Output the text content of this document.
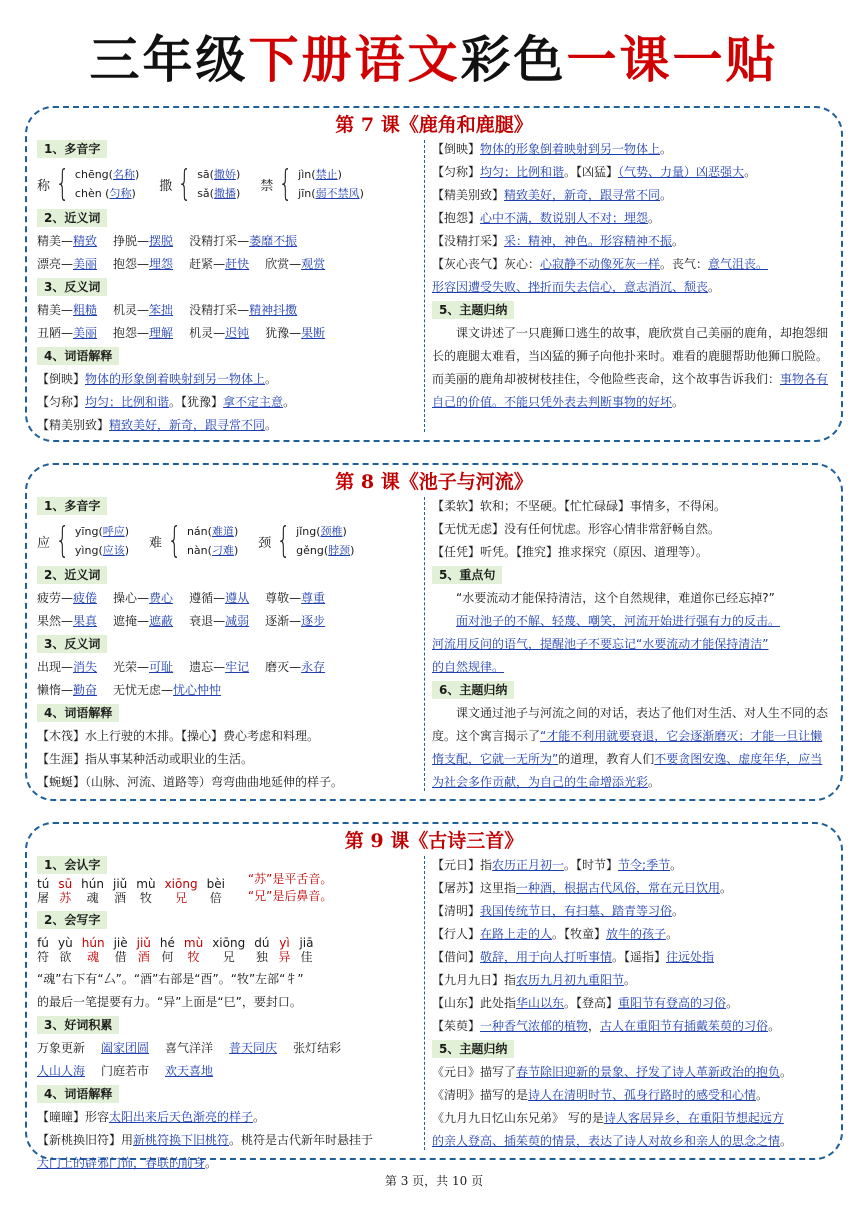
三年级下册语文彩色一课一贴
第 7 课《鹿角和鹿腿》
1、多音字
称 { chēng(名称)
chèn (匀称) 撒 { sā(撒娇)
sǎ(撒播) 禁 { jìn(禁止)
jīn(弱不禁风)
2、近义词
精美—精致 挣脱—摆脱 没精打采—萎靡不振
漂亮—美丽 抱怨—埋怨 赶紧—赶快 欣赏—观赏
3、反义词
精美—粗糙 机灵—笨拙 没精打采—精神抖擞
丑陋—美丽 抱怨—理解 机灵—迟钝 犹豫—果断
4、词语解释
【倒映】物体的形象倒着映射到另一物体上。
【匀称】均匀；比例和谐。【犹豫】拿不定主意。
【精美别致】精致美好，新奇，跟寻常不同。
【倒映】物体的形象倒着映射到另一物体上。
【匀称】均匀；比例和谐。【凶猛】（气势、力量）凶恶强大。
【精美别致】精致美好，新奇，跟寻常不同。
【抱怨】心中不满，数说别人不对；埋怨。
【没精打采】采：精神，神色。形容精神不振。
【灰心丧气】灰心：心寂静不动像死灰一样。丧气：意气沮丧。
形容因遭受失败、挫折而失去信心，意志消沉、颓丧。
5、主题归纳
课文讲述了一只鹿狮口逃生的故事，鹿欣赏自己美丽的鹿角，却抱怨细长的鹿腿太难看，当凶猛的狮子向他扑来时。难看的鹿腿帮助他狮口脱险。而美丽的鹿角却被树枝挂住，令他险些丧命，这个故事告诉我们：事物各有自己的价值。不能只凭外表去判断事物的好坏。
第 8 课《池子与河流》
1、多音字
应 { yīng(呼应)
yìng(应该) 难 { nán(难道)
nàn(刁难) 颈 { jǐng(颈椎)
gěng(脖颈)
2、近义词
疲劳—疲倦 操心—费心 遵循—遵从 尊敬—尊重
果然—果真 遮掩—遮蔽 衰退—减弱 逐渐—逐步
3、反义词
出现—消失 光荣—可耻 遗忘—牢记 磨灭—永存
懒惰—勤奋 无忧无虑—忧心忡忡
4、词语解释
【木筏】水上行驶的木排。【操心】费心考虑和料理。
【生涯】指从事某种活动或职业的生活。
【蜿蜒】（山脉、河流、道路等）弯弯曲曲地延伸的样子。
【柔软】软和；不坚硬。【忙忙碌碌】事情多，不得闲。
【无忧无虑】没有任何忧虑。形容心情非常舒畅自然。
【任凭】听凭。【推究】推求探究（原因、道理等）。
5、重点句
“水要流动才能保持清洁，这个自然规律，难道你已经忘掉?”
面对池子的不解、轻蔑、嘲笑，河流开始进行强有力的反击。
河流用反问的语气，提醒池子不要忘记“水要流动才能保持清洁”
的自然规律。
6、主题归纳
课文通过池子与河流之间的对话，表达了他们对生活、对人生不同的态度。这个寓言揭示了“才能不利用就要衰退，它会逐渐磨灭；才能一旦让懒惰支配，它就一无所为”的道理，教育人们不要贪图安逸、虚度年华，应当为社会多作贡献，为自己的生命增添光彩。
第 9 课《古诗三首》
1、会认字
tú
屠
sū
苏
hún
魂
jiǔ
酒
mù
牧
xiōng
兄
bèi
倍
“苏”是平舌音。
“兄”是后鼻音。
2、会写字
fú
符
yù
欲
hún
魂
jiè
借
jiǔ
酒
hé
何
mù
牧
xiōng
兄
dú
独
yì
异
jiā
佳
“魂”右下有“厶”。“酒”右部是“酉”。“牧”左部“牜”
的最后一笔提要有力。“异”上面是“巳”，要封口。
3、好词积累
万象更新 阖家团圆 喜气洋洋 普天同庆 张灯结彩
人山人海 门庭若市 欢天喜地
4、词语解释
【曈曈】形容太阳出来后天色渐亮的样子。
【新桃换旧符】用新桃符换下旧桃符。桃符是古代新年时悬挂于
大门上的辟邪门饰，春联的前身。
【元日】指农历正月初一。【时节】节令;季节。
【屠苏】这里指一种酒，根据古代风俗，常在元日饮用。
【清明】我国传统节日，有扫墓、踏青等习俗。
【行人】在路上走的人。【牧童】放牛的孩子。
【借问】敬辞，用于向人打听事情。【遥指】往远处指
【九月九日】指农历九月初九重阳节。
【山东】此处指华山以东。【登高】重阳节有登高的习俗。
【茱萸】一种香气浓郁的植物，古人在重阳节有插戴茱萸的习俗。
5、主题归纳
《元日》描写了春节除旧迎新的景象、抒发了诗人革新政治的抱负。
《清明》描写的是诗人在清明时节、孤身行路时的感受和心情。
《九月九日忆山东兄弟》 写的是诗人客居异乡，在重阳节想起远方
的亲人登高、插茱萸的情景，表达了诗人对故乡和亲人的思念之情。
第 3 页，共 10 页
